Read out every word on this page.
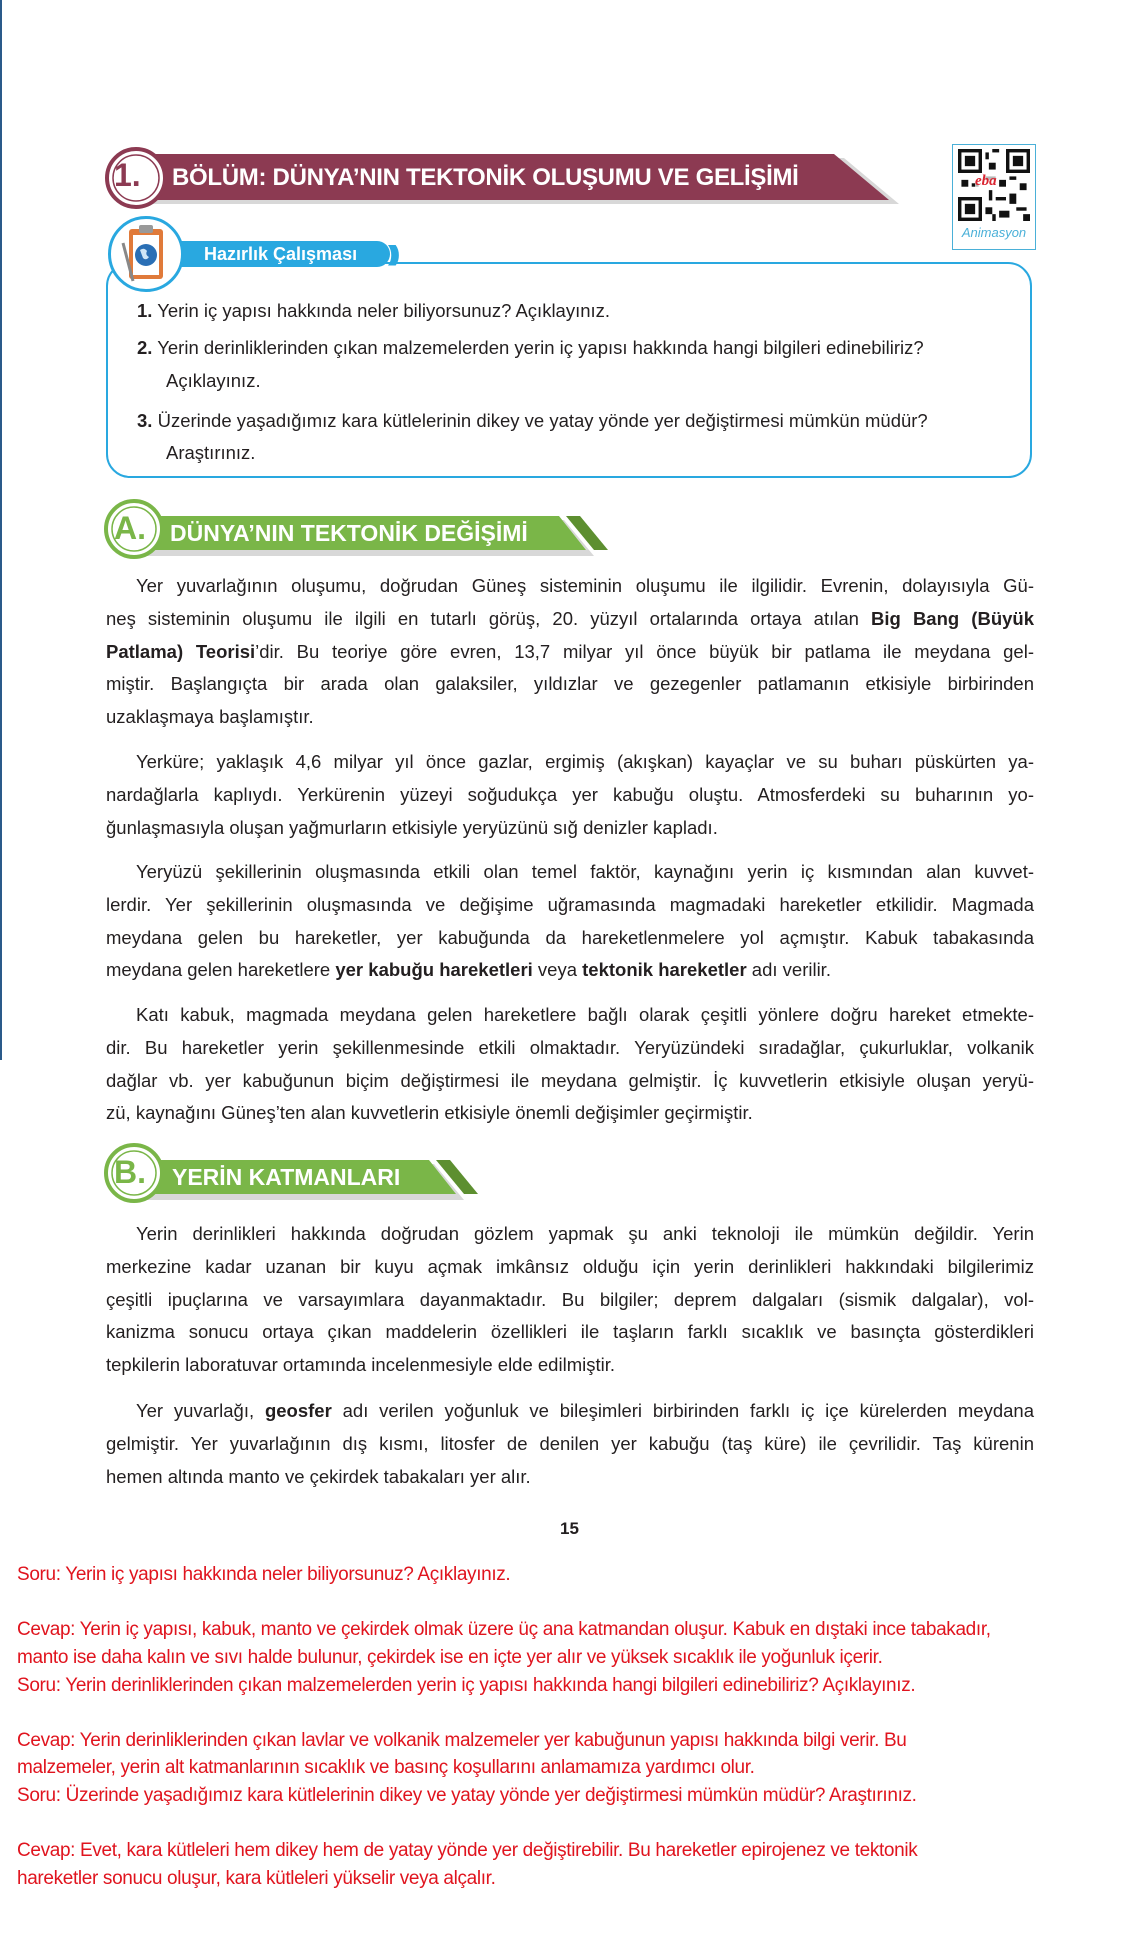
1. BÖLÜM: DÜNYA’NIN TEKTONİK OLUŞUMU VE GELİŞİMİ	eba
Animasyon
Hazırlık Çalışması	)))
1. Yerin iç yapısı hakkında neler biliyorsunuz? Açıklayınız.
2. Yerin derinliklerinden çıkan malzemelerden yerin iç yapısı hakkında hangi bilgileri edinebiliriz?
Açıklayınız.
3. Üzerinde yaşadığımız kara kütlelerinin dikey ve yatay yönde yer değiştirmesi mümkün müdür?
Araştırınız.
A. DÜNYA’NIN TEKTONİK DEĞİŞİMİ
B. YERİN KATMANLARI
Yer yuvarlağının oluşumu, doğrudan Güneş sisteminin oluşumu ile ilgilidir. Evrenin, dolayısıyla Gü-
neş sisteminin oluşumu ile ilgili en tutarlı görüş, 20. yüzyıl ortalarında ortaya atılan Big Bang (Büyük
Patlama) Teorisi’dir. Bu teoriye göre evren, 13,7 milyar yıl önce büyük bir patlama ile meydana gel-
miştir. Başlangıçta bir arada olan galaksiler, yıldızlar ve gezegenler patlamanın etkisiyle birbirinden
uzaklaşmaya başlamıştır.
Yerküre; yaklaşık 4,6 milyar yıl önce gazlar, ergimiş (akışkan) kayaçlar ve su buharı püskürten ya-
nardağlarla kaplıydı. Yerkürenin yüzeyi soğudukça yer kabuğu oluştu. Atmosferdeki su buharının yo-
ğunlaşmasıyla oluşan yağmurların etkisiyle yeryüzünü sığ denizler kapladı.
Yeryüzü şekillerinin oluşmasında etkili olan temel faktör, kaynağını yerin iç kısmından alan kuvvet-
lerdir. Yer şekillerinin oluşmasında ve değişime uğramasında magmadaki hareketler etkilidir. Magmada
meydana gelen bu hareketler, yer kabuğunda da hareketlenmelere yol açmıştır. Kabuk tabakasında
meydana gelen hareketlere yer kabuğu hareketleri veya tektonik hareketler adı verilir.
Katı kabuk, magmada meydana gelen hareketlere bağlı olarak çeşitli yönlere doğru hareket etmekte-
dir. Bu hareketler yerin şekillenmesinde etkili olmaktadır. Yeryüzündeki sıradağlar, çukurluklar, volkanik
dağlar vb. yer kabuğunun biçim değiştirmesi ile meydana gelmiştir. İç kuvvetlerin etkisiyle oluşan yeryü-
zü, kaynağını Güneş’ten alan kuvvetlerin etkisiyle önemli değişimler geçirmiştir.
Yerin derinlikleri hakkında doğrudan gözlem yapmak şu anki teknoloji ile mümkün değildir. Yerin
merkezine kadar uzanan bir kuyu açmak imkânsız olduğu için yerin derinlikleri hakkındaki bilgilerimiz
çeşitli ipuçlarına ve varsayımlara dayanmaktadır. Bu bilgiler; deprem dalgaları (sismik dalgalar), vol-
kanizma sonucu ortaya çıkan maddelerin özellikleri ile taşların farklı sıcaklık ve basınçta gösterdikleri
tepkilerin laboratuvar ortamında incelenmesiyle elde edilmiştir.
Yer yuvarlağı, geosfer adı verilen yoğunluk ve bileşimleri birbirinden farklı iç içe kürelerden meydana
gelmiştir. Yer yuvarlağının dış kısmı, litosfer de denilen yer kabuğu (taş küre) ile çevrilidir. Taş kürenin
hemen altında manto ve çekirdek tabakaları yer alır.
15
Soru: Yerin iç yapısı hakkında neler biliyorsunuz? Açıklayınız.
Cevap: Yerin iç yapısı, kabuk, manto ve çekirdek olmak üzere üç ana katmandan oluşur. Kabuk en dıştaki ince tabakadır,
manto ise daha kalın ve sıvı halde bulunur, çekirdek ise en içte yer alır ve yüksek sıcaklık ile yoğunluk içerir.
Soru: Yerin derinliklerinden çıkan malzemelerden yerin iç yapısı hakkında hangi bilgileri edinebiliriz? Açıklayınız.
Cevap: Yerin derinliklerinden çıkan lavlar ve volkanik malzemeler yer kabuğunun yapısı hakkında bilgi verir. Bu
malzemeler, yerin alt katmanlarının sıcaklık ve basınç koşullarını anlamamıza yardımcı olur.
Soru: Üzerinde yaşadığımız kara kütlelerinin dikey ve yatay yönde yer değiştirmesi mümkün müdür? Araştırınız.
Cevap: Evet, kara kütleleri hem dikey hem de yatay yönde yer değiştirebilir. Bu hareketler epirojenez ve tektonik
hareketler sonucu oluşur, kara kütleleri yükselir veya alçalır.
